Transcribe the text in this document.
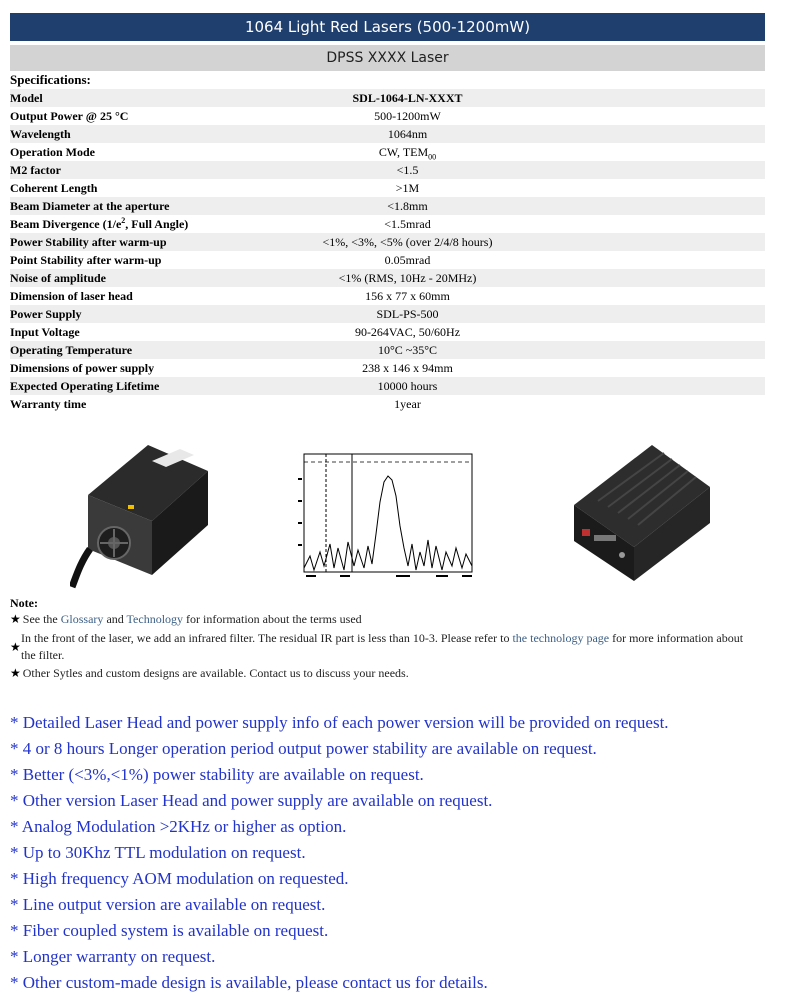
1064 Light Red Lasers (500-1200mW)
DPSS XXXX Laser
Specifications:
Model	SDL-1064-LN-XXXT
Output Power @ 25 °C	500-1200mW
Wavelength	1064nm
Operation Mode	CW, $TEM_{00}$
M2 factor	<1.5
Coherent Length	>1M
Beam Diameter at the aperture	<1.8mm
Beam Divergence ($1/e^2$, Full Angle)	<1.5mrad
Power Stability after warm-up	<1%, <3%, <5% (over 2/4/8 hours)
Point Stability after warm-up	0.05mrad
Noise of amplitude	<1% (RMS, 10Hz - 20MHz)
Dimension of laser head	156 x 77 x 60mm
Power Supply	SDL-PS-500
Input Voltage	90-264VAC, 50/60Hz
Operating Temperature	10°C ~35°C
Dimensions of power supply	238 x 146 x 94mm
Expected Operating Lifetime	10000 hours
Warranty time	1year
Note:
★ See the Glossary and Technology for information about the terms used
★
In the front of the laser, we add an infrared filter. The residual IR part is less than 10-3. Please refer to the technology page for more information about
the filter.
★ Other Sytles and custom designs are available. Contact us to discuss your needs.
* Detailed Laser Head and power supply info of each power version will be provided on request.
* 4 or 8 hours Longer operation period output power stability are available on request.
* Better (<3%,<1%) power stability are available on request.
* Other version Laser Head and power supply are available on request.
* Analog Modulation >2KHz or higher as option.
* Up to 30Khz TTL modulation on request.
* High frequency AOM modulation on requested.
* Line output version are available on request.
* Fiber coupled system is available on request.
* Longer warranty on request.
* Other custom-made design is available, please contact us for details.
